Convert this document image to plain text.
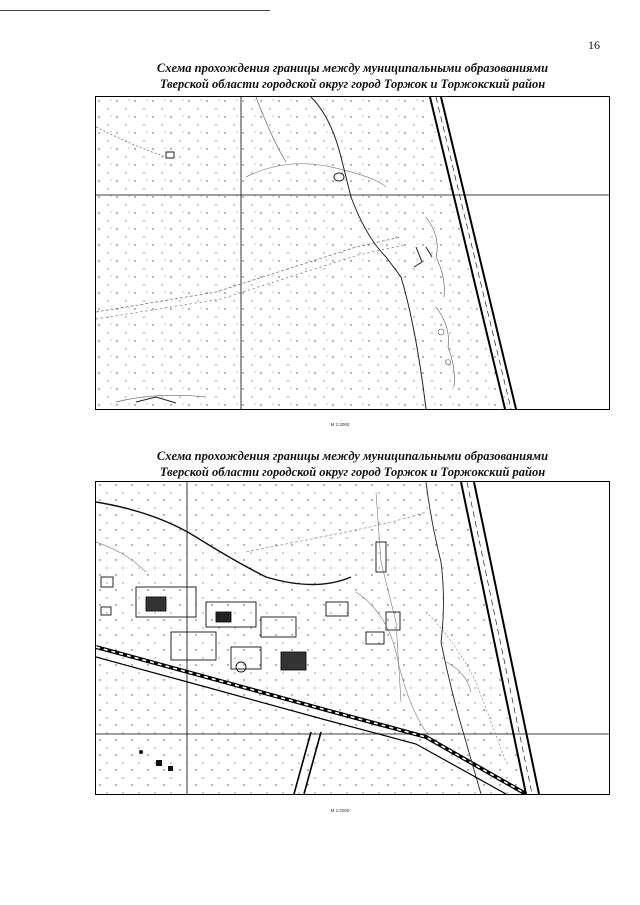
16
Схема прохождения границы между муниципальными образованиями
Тверской области городской округ город Торжок и Торжокский район
М 1:2000
Схема прохождения границы между муниципальными образованиями
Тверской области городской округ город Торжок и Торжокский район
М 1:2000
